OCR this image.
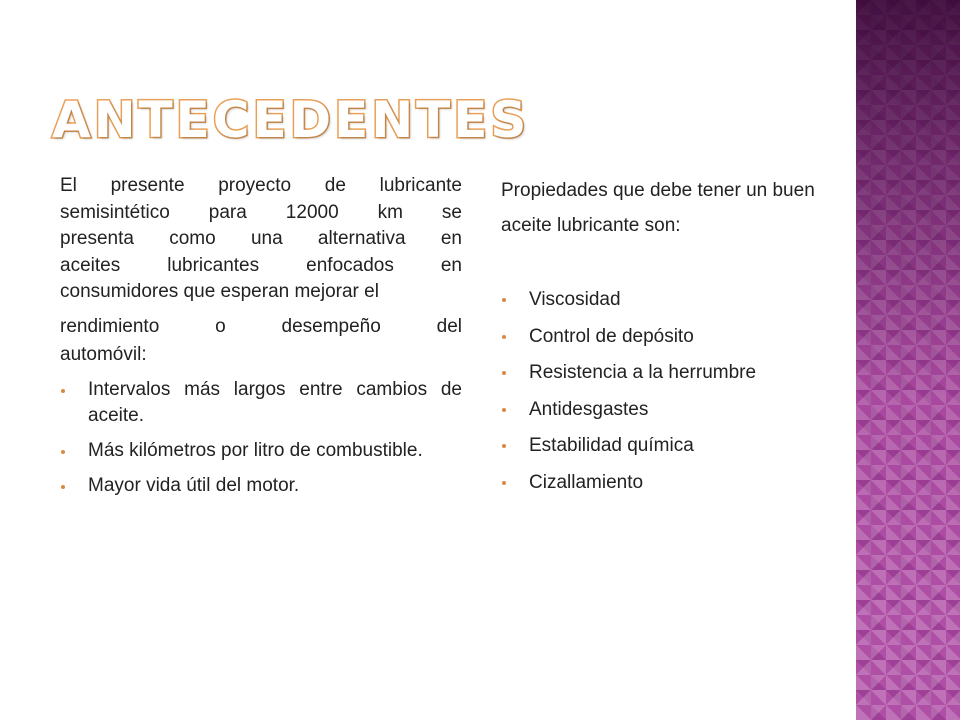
ANTECEDENTES

El presente proyecto de lubricante

semisintético para 12000 km se

presenta como una alternativa en

aceites lubricantes enfocados en

consumidores que esperan mejorar el

rendimiento o desempeño del

automóvil:

Intervalos más largos entre cambios de aceite.
Más kilómetros por litro de combustible.
Mayor vida útil del motor.

Propiedades que debe tener un buen

aceite lubricante son:

Viscosidad
Control de depósito
Resistencia a la herrumbre
Antidesgastes
Estabilidad química
Cizallamiento
